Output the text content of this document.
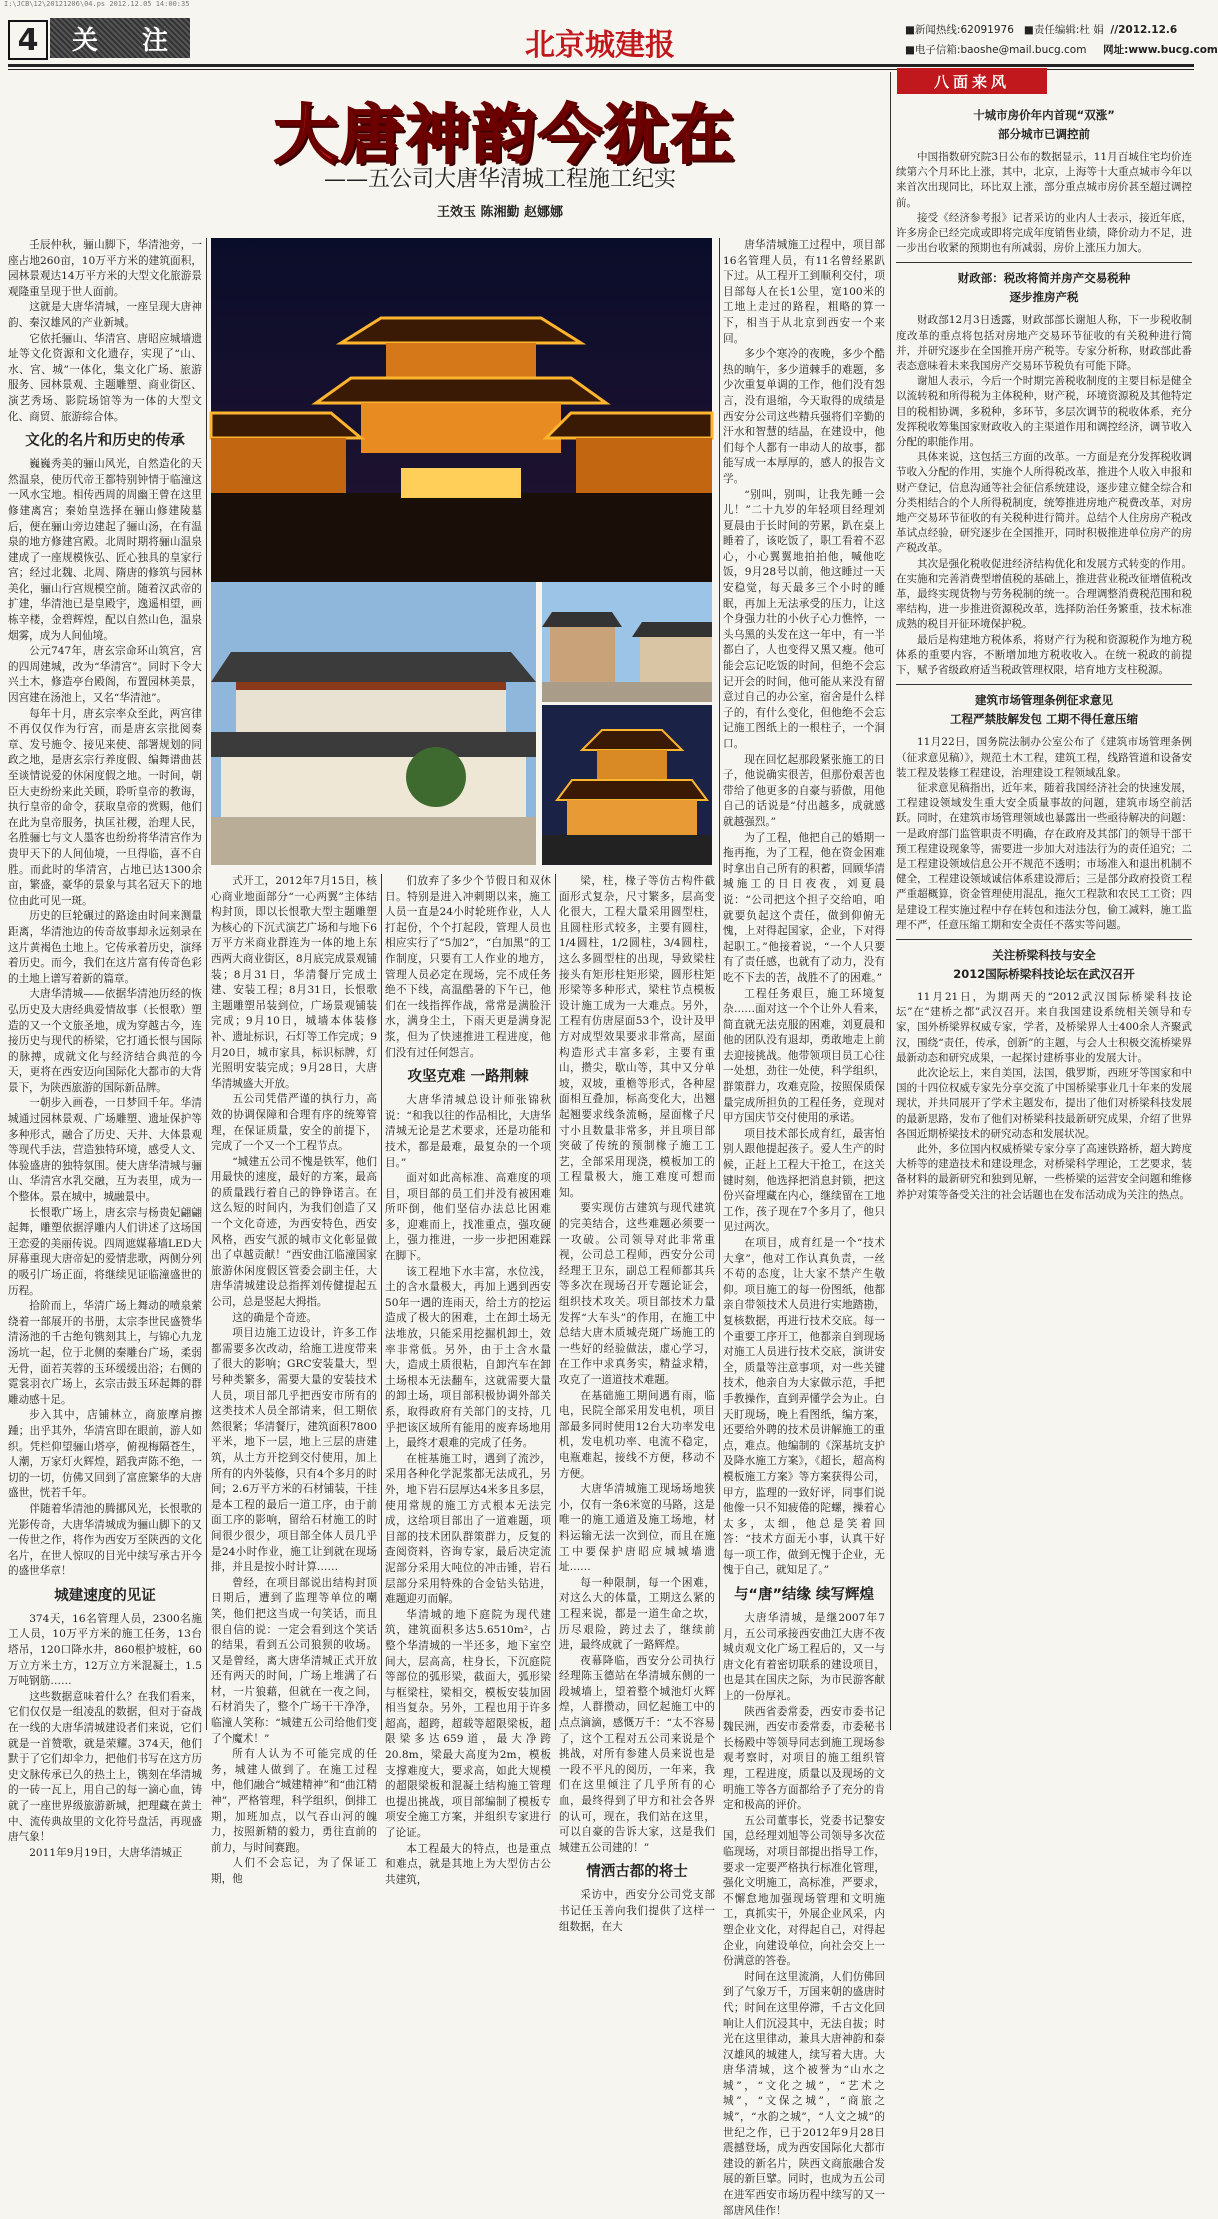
I:\JCB\12\20121206\04.ps 2012.12.05 14:00:35
4	关 注	北京城建报	■新闻热线:62091976 ■责任编辑:杜 娟 //2012.12.6
■电子信箱:baoshe@mail.bucg.com 网址:www.bucg.com
大唐神韵今犹在
——五公司大唐华清城工程施工纪实
王效玉 陈湘勤 赵娜娜

壬辰仲秋，骊山脚下，华清池旁，一座占地260亩，10万平方米的建筑面积，园林景观达14万平方米的大型文化旅游景观隆重呈现于世人面前。

这就是大唐华清城，一座呈现大唐神韵、秦汉雄风的产业新城。

它依托骊山、华清宫、唐昭应城墙遗址等文化资源和文化遗存，实现了“山、水、宫、城”一体化，集文化广场、旅游服务、园林景观、主题雕塑、商业街区、演艺秀场、影院场馆等为一体的大型文化、商贸、旅游综合体。

文化的名片和历史的传承

巍巍秀美的骊山风光，自然造化的天然温泉，使历代帝王都特别钟情于临潼这一风水宝地。相传西周的周幽王曾在这里修建离宫；秦始皇选择在骊山修建陵墓后，便在骊山旁边建起了骊山汤，在有温泉的地方修建宫殿。北周时期将骊山温泉建成了一座规模恢弘、匠心独具的皇家行宫；经过北魏、北周、隋唐的修筑与园林美化，骊山行宫规模空前。随着汉武帝的扩建，华清池已是皇殿宇，逸遥相望，画栋辛楼，金碧辉煌，配以自然山色，温泉烟雾，成为人间仙境。

公元747年，唐玄宗命环山筑宫，宫的四周建城，改为“华清宫”。同时下令大兴土木，修造亭台殿阁，布置园林美景，因宫建在汤池上，又名“华清池”。

每年十月，唐玄宗率众至此，两宫律不再仅仅作为行宫，而是唐玄宗批阅奏章、发号施令、接见来使、部署规划的同政之地，是唐玄宗行养度假、编舞谱曲甚至谈情说爱的休闲度假之地。一时间，朝臣大吏纷纷来此关顾，聆听皇帝的教诲，执行皇帝的命令，获取皇帝的赏赐，他们在此为皇帝服务，执匡社稷，治理人民，名胜骊七与文人墨客也纷纷将华清宫作为贵甲天下的人间仙境，一旦得临，喜不自胜。而此时的华清宫，占地已达1300余亩，繁盛，豪华的景象与其名冠天下的地位由此可见一斑。

历史的巨轮碾过的路途由时间来测量距离，华清池边的传奇故事却永远刻录在这片黄褐色土地上。它传承着历史，演绎着历史。而今，我们在这片富有传奇色彩的土地上谱写着新的篇章。

大唐华清城——依据华清池历经的恢弘历史及大唐经典爱情故事（长恨歌）塑造的又一个文旅圣地，成为穿越古今，连接历史与现代的桥梁，它打通长恨与国际的脉搏，成就文化与经济结合典范的今天，更将在西安迈向国际化大都市的大背景下，为陕西旅游的国际新品牌。

一朝步入画卷，一日梦回千年。华清城通过园林景观、广场雕塑、遗址保护等多种形式，融合了历史、天井、大体景观等现代手法，营造独特环境，感受人文、体验盛唐的独特氛围。使大唐华清城与骊山、华清宫水乳交融，互为表里，成为一个整体。景在城中，城融景中。

长恨歌广场上，唐玄宗与杨贵妃翩翩起舞，雕塑依据浮雕内人们讲述了这场国王恋爱的美丽传说。四周遮媒幕墙LED大屏幕重现大唐帝妃的爱情悲歌，两侧分列的吸引广场正面，将继续见证临潼盛世的历程。

拾阶而上，华清广场上舞动的喷泉萦绕着一部展开的书册，太宗李世民盛赞华清汤池的千古绝句镌刻其上，与锦心九龙汤坑一起，位于北侧的秦雕台广场，柔弱无骨，面若芙蓉的玉环缓缓出浴；右侧的霓裳羽衣广场上，玄宗击鼓玉环起舞的群雕动感十足。

步入其中，店铺林立，商旅摩肩擦踵；出乎其外，华清宫即在眼前，游人如织。凭栏仰望骊山塔亭，俯视梅隔苍生，人潮，万家灯火辉煌，蹈我声陈不绝，一切的一切，仿佛又回到了富庶繁华的大唐盛世，恍若千年。

伴随着华清池的腾挪风光，长恨歌的光影传奇，大唐华清城成为骊山脚下的又一传世之作，将作为西安万至陕西的文化名片，在世人惊叹的目光中续写承古开今的盛世华章！

城建速度的见证

374天，16名管理人员，2300名施工人员，10万平方米的施工任务，13台塔吊，120口降水井，860根护坡桩，60万立方米土方，12万立方米混凝土，1.5万吨钢筋……

这些数据意味着什么？在我们看来，它们仅仅是一组凌乱的数据，但对于奋战在一线的大唐华清城建设者们来说，它们就是一首赞歌，就是荣耀。374天，他们默于了它们却伞力，把他们书写在这方历史文脉传承已久的热土上，镌刻在华清城的一砖一瓦上，用自己的每一滴心血，铸就了一座世界级旅游新城，把理藏在黄土中、流传典故里的文化符号盘活，再现盛唐气象！

2011年9月19日，大唐华清城正

式开工，2012年7月15日，核心商业地面部分“一心两翼”主体结构封顶，即以长恨歌大型主题雕塑为核心的下沉式演艺广场和与地下6万平方米商业群连为一体的地上东西两大商业街区，8月底完成景观铺装；8月31日，华清餐厅完成土建、安装工程；8月31日，长恨歌主题雕塑吊装到位，广场景观铺装完成；9月10日，城墙本体装修补、遗址标识，石灯等工作完成；9月20日，城市家具，标识标牌，灯光照明安装完成；9月28日，大唐华清城盛大开放。

五公司凭借严谨的执行力，高效的协调保障和合理有序的统筹管理，在保证质量，安全的前提下，完成了一个又一个工程节点。

“城建五公司不愧是铁军，他们用最快的速度，最好的方案，最高的质量践行着自己的铮铮诺言。在这么短的时间内，为我们创造了又一个文化奇迹，为西安特色，西安风格，西安气派的城市文化彰显做出了卓越贡献！”西安曲江临潼国家旅游休闲度假区管委会副主任，大唐华清城建设总指挥刘传健提起五公司，总是竖起大拇指。

这的确是个奇迹。

项目边施工边设计，许多工作都需要多次改动，给施工进度带来了很大的影响；GRC安装量大，型号种类繁多，需要大量的安装技术人员，项目部几乎把西安市所有的这类技术人员全部请来，但工期依然很紧；华清餐厅，建筑面积7800平米，地下一层，地上三层的唐建筑，从土方开挖到交付使用，加上所有的内外装修，只有4个多月的时间；2.6万平方米的石材铺装，干挂是本工程的最后一道工序，由于前面工序的影响，留给石材施工的时间很少很少，项目部全体人员几乎是24小时作业，施工让到就在现场排，并且是按小时计算……

曾经，在项目部说出结构封顶日期后，遭到了监理等单位的嘲笑，他们把这当成一句笑话，而且很自信的说：一定会看到这个笑话的结果，看到五公司狼狈的收场。又是曾经，离大唐华清城正式开放还有两天的时间，广场上堆满了石材，一片狼藉，但就在一夜之间，石材消失了，整个广场干干净净，临潼人笑称：“城建五公司给他们变了个魔术！”

所有人认为不可能完成的任务，城建人做到了。在施工过程中，他们融合“城建精神”和“曲江精神”，严格管理，科学组织，倒排工期，加班加点，以气吞山河的魄力，按照新精的毅力，勇往直前的前力，与时间赛跑。

人们不会忘记，为了保证工期，他

们放弃了多少个节假日和双休日。特别是进入冲刺期以来，施工人员一直是24小时轮班作业，人人打起份，个个打起段，管理人员也相应实行了“5加2”，“白加黑”的工作制度，只要有工人作业的地方，管理人员必定在现场，完不成任务绝不下线，高温酷暑的下午已，他们在一线指挥作战，常常是满脸汗水，满身尘土，下雨天更是满身泥浆，但为了快速推进工程进度，他们没有过任何怨言。

攻坚克难 一路荆棘

大唐华清城总设计师张锦秋说：“和我以往的作品相比，大唐华清城无论是艺术要求，还是功能和技术，都是最难，最复杂的一个项目。”

面对如此高标准、高难度的项目，项目部的员工们并没有被困难所吓倒，他们坚信办法总比困难多，迎难而上，找准重点，强攻硬上，强力推进，一步一步把困难踩在脚下。

该工程地下水丰富，水位浅，土的含水量极大，再加上遇到西安50年一遇的连雨天，给土方的挖运造成了极大的困难，土在卸土场无法堆放，只能采用挖掘机卸土，效率非常低。另外，由于土含水量大，造成土质很粘，自卸汽车在卸土场根本无法翻车，这就需要大量的卸土场，项目部积极协调外部关系，取得政府有关部门的支持，几乎把该区域所有能用的废弃场地用上，最终才艰难的完成了任务。

在桩基施工时，遇到了流沙，采用各种化学泥浆都无法成孔，另外，地下岩石层厚达4米多且多层，使用常规的施工方式根本无法完成，这给项目部出了一道难题，项目部的技术团队群策群力，反复的查阅资料，咨询专家，最后决定流泥部分采用大吨位的冲击锤，岩石层部分采用特殊的合金钻头钻进，难题迎刃而解。

华清城的地下庭院为现代建筑，建筑面积多达5.6510m²，占整个华清城的一半还多，地下室空间大，层高高，柱身长，下沉庭院等部位的弧形梁，截面大，弧形梁与框梁柱，梁相交，模板安装加固相当复杂。另外，工程也用于许多超高，超跨，超载等超限梁板，超限梁多达659道，最大净跨20.8m，梁最大高度为2m，模板支撑难度大，要求高，如此大规模的超限梁板和混凝土结构施工管理也提出挑战，项目部编制了模板专项安全施工方案，并组织专家进行了论证。

本工程最大的特点，也是重点和难点，就是其地上为大型仿古公共建筑，

梁，柱，椽子等仿古构件截面形式复杂，尺寸繁多，层高变化很大，工程大量采用圆型柱，且圆柱形式较多，主要有圆柱，1/4圆柱，1/2圆柱，3/4圆柱，这么多圆型柱的出现，导致梁柱接头有矩形柱矩形梁，圆形柱矩形梁等多种形式，梁柱节点模板设计施工成为一大难点。另外，工程有仿唐屋面53个，设计及甲方对成型效果要求非常高，屋面构造形式丰富多彩，主要有重山，攒尖，歇山等，其中又分单坡，双坡，重檐等形式，各种屋面相互叠加，标高变化大，出翘起翘要求线条流畅，屋面椽子尺寸小且数量非常多，并且项目部突破了传统的预制椽子施工工艺，全部采用现浇，模板加工的工程量极大，施工难度可想而知。

要实现仿古建筑与现代建筑的完美结合，这些难题必须要一一攻破。公司领导对此非常重视，公司总工程师，西安分公司经理王卫东，副总工程师都其兵等多次在现场召开专题论证会，组织技术攻关。项目部技术力量发挥“大车头”的作用，在施工中总结大唐木质城壳斑广场施工的一些好的经验做法，虚心学习，在工作中求真务实，精益求精，攻克了一道道技术难题。

在基础施工期间遇有雨，临电，民院全部采用发电机，项目部最多同时使用12台大功率发电机，发电机功率、电流不稳定，电瓶难起，接线不方便，移动不方便。

大唐华清城施工现场场地狭小，仅有一条6米宽的马路，这是唯一的施工通道及施工场地，材料运输无法一次到位，而且在施工中要保护唐昭应城城墙遗址……

每一种限制，每一个困难，对这么大的体量，工期这么紧的工程来说，都是一道生命之坎，历尽艰险，跨过去了，继续前进，最终成就了一路辉煌。

夜幕降临，西安分公司执行经理陈玉德站在华清城东侧的一段城墙上，望着整个城池灯火辉煌，人群攒动，回忆起施工中的点点滴滴，感慨万千：“太不容易了，这个工程对五公司来说是个挑战，对所有参建人员来说也是一段不平凡的阅历，一年来，我们在这里倾注了几乎所有的心血，最终得到了甲方和社会各界的认可，现在，我们站在这里，可以自豪的告诉大家，这是我们城建五公司建的！”

情洒古都的将士

采访中，西安分公司党支部书记任玉善向我们提供了这样一组数据，在大

唐华清城施工过程中，项目部16名管理人员，有11名曾经累趴下过。从工程开工到顺利交付，项目部每人在长1公里，宽100米的工地上走过的路程，粗略的算一下，相当于从北京到西安一个来回。

多少个寒冷的夜晚，多少个酷热的晌午，多少道棘手的难题，多少次重复单调的工作，他们没有怨言，没有退缩，今天取得的成绩是西安分公司这些精兵强将们辛勤的汗水和智慧的结晶，在建设中，他们每个人都有一串动人的故事，都能写成一本厚厚的，感人的报告文学。

“别叫，别叫，让我先睡一会儿！”二十九岁的年轻项目经理刘夏晨由于长时间的劳累，趴在桌上睡着了，该吃饭了，职工看着不忍心，小心翼翼地拍拍他，喊他吃饭，9月28号以前，他这睡过一天安稳觉，每天最多三个小时的睡眠，再加上无法承受的压力，让这个身强力壮的小伙子心力憔悴，一头乌黑的头发在这一年中，有一半都白了，人也变得又黑又瘦。他可能会忘记吃饭的时间，但绝不会忘记开会的时间，他可能从来没有留意过自己的办公室，宿舍是什么样子的，有什么变化，但他绝不会忘记施工图纸上的一根柱子，一个洞口。

现在回忆起那段紧张施工的日子，他说确实很苦，但那份艰苦也带给了他更多的自豪与骄傲，用他自己的话说是“付出越多，成就感就越强烈。”

为了工程，他把自己的婚期一拖再拖，为了工程，他在资金困难时拿出自己所有的积蓄，回顾华清城施工的日日夜夜，刘夏晨说：“公司把这个担子交给咱，咱就要负起这个责任，做到仰俯无愧，上对得起国家，企业，下对得起职工。”他接着说，“一个人只要有了责任感，也就有了动力，没有吃不下去的苦，战胜不了的困难。”

工程任务艰巨，施工环境复杂……面对这一个个让外人看来，简直就无法克服的困难，刘夏晨和他的团队没有退却，勇敢地走上前去迎接挑战。他带领项目员工心往一处想，劲往一处使，科学组织，群策群力，攻难克险，按照保质保量完成所担负的工程任务，竞现对甲方国庆节交付使用的承诺。

项目技术部长成育红，最害怕别人跟他提起孩子。爱人生产的时候，正赶上工程大干抢工，在这关键时刻，他选择把消息封锁，把这份兴奋埋藏在内心，继续留在工地工作，孩子现在7个多月了，他只见过两次。

在项目，成育红是一个“技术大拿”，他对工作认真负责，一丝不苟的态度，让大家不禁产生敬仰。项目施工的每一份图纸，他都亲自带领技术人员进行实地踏勘，复核数据，再进行技术交底。每一个重要工序开工，他都亲自到现场对施工人员进行技术交底，演讲安全，质量等注意事项，对一些关键技术，他亲自为大家做示范，手把手教操作，直到弄懂学会为止。白天盯现场，晚上看图纸，编方案，还要给外聘的技术员讲解施工的重点，难点。他编制的《深基坑支护及降水施工方案》，《超长，超高构模板施工方案》等方案获得公司，甲方，监理的一致好评，同事们说他像一只不知疲倦的陀螺，操着心太多，太细，他总是笑着回答：“技术方面无小事，认真干好每一项工作，做到无愧于企业，无愧于自己，就知足了。”

与“唐”结缘 续写辉煌

大唐华清城，是继2007年7月，五公司承接西安曲江大唐不夜城贞观文化广场工程后的，又一与唐文化有着密切联系的建设项目，也是其在国庆之际，为市民游客献上的一份厚礼。

陕西省委常委，西安市委书记魏民洲，西安市委常委，市委秘书长杨殿中等领导同志到施工现场参观考察时，对项目的施工组织管理，工程进度，质量以及现场的文明施工等各方面都给予了充分的肯定和极高的评价。

五公司董事长，党委书记黎安国，总经理刘旭等公司领导多次莅临现场，对项目部提出指导工作，要求一定要严格执行标准化管理，强化文明施工，高标准，严要求，不懈怠地加强现场管理和文明施工，真抓实干，外展企业风采，内塑企业文化，对得起自己，对得起企业，向建设单位，向社会交上一份满意的答卷。

时间在这里流淌，人们仿佛回到了气象万千，万国来朝的盛唐时代；时间在这里停滞，千古文化回响让人们沉浸其中，无法自拔；时光在这里律动，兼具大唐神韵和泰汉雄风的城建人，续写着大唐。大唐华清城，这个被誉为“山水之城”，“文化之城”，“艺术之城”，“文保之城”，“商旅之城”，“水韵之城”，“人文之城”的世纪之作，已于2012年9月28日震撼登场，成为西安国际化大都市建设的新名片，陕西文商旅融合发展的新巨擘。同时，也成为五公司在进军西安市场历程中续写的又一部唐风佳作！

八面来风
十城市房价年内首现“双涨”
部分城市已调控前

中国指数研究院3日公布的数据显示，11月百城住宅均价连续第六个月环比上涨，其中，北京，上海等十大重点城市今年以来首次出现同比，环比双上涨，部分重点城市房价甚至超过调控前。

接受《经济参考报》记者采访的业内人士表示，接近年底，许多房企已经完成或即将完成年度销售业绩，降价动力不足，进一步出台收紧的预期也有所减弱，房价上涨压力加大。

财政部：税改将简并房产交易税种
逐步推房产税

财政部12月3日透露，财政部部长谢旭人称，下一步税收制度改革的重点将包括对房地产交易环节征收的有关税种进行简并，并研究逐步在全国推开房产税等。专家分析称，财政部此番表态意味着未来我国房产交易环节税负有可能下降。

谢旭人表示，今后一个时期完善税收制度的主要目标是健全以流转税和所得税为主体税种，财产税，环境资源税及其他特定目的税相协调，多税种，多环节，多层次调节的税收体系，充分发挥税收筹集国家财政收入的主渠道作用和调控经济，调节收入分配的职能作用。

具体来说，这包括三方面的改革。一方面是充分发挥税收调节收入分配的作用，实施个人所得税改革，推进个人收入申报和财产登记，信息沟通等社会征信系统建设，逐步建立健全综合和分类相结合的个人所得税制度，统筹推进房地产税费改革，对房地产交易环节征收的有关税种进行简并。总结个人住房房产税改革试点经验，研究逐步在全国推开，同时积极推进单位房产的房产税改革。

其次是强化税收促进经济结构优化和发展方式转变的作用。在实施和完善消费型增值税的基础上，推进营业税改征增值税改革，最终实现货物与劳务税制的统一。合理调整消费税范围和税率结构，进一步推进资源税改革，选择防治任务繁重，技术标准成熟的税目开征环境保护税。

最后是构建地方税体系，将财产行为税和资源税作为地方税体系的重要内容，不断增加地方税收收入。在统一税政的前提下，赋予省级政府适当税政管理权限，培育地方支柱税源。

建筑市场管理条例征求意见
工程严禁肢解发包 工期不得任意压缩

11月22日，国务院法制办公室公布了《建筑市场管理条例（征求意见稿）》，规范土木工程，建筑工程，线路管道和设备安装工程及装修工程建设，治理建设工程领域乱象。

征求意见稿指出，近年来，随着我国经济社会的快速发展，工程建设领域发生重大安全质量事故的问题，建筑市场空前活跃。同时，在建筑市场管理领域也暴露出一些亟待解决的问题：一是政府部门监管职责不明确，存在政府及其部门的领导干部干预工程建设现象等，需要进一步加大对违法行为的责任追究；二是工程建设领域信息公开不规范不透明；市场准入和退出机制不健全，工程建设领域诚信体系建设滞后；三是部分政府投资工程严重超概算，资金管理使用混乱，拖欠工程款和农民工工资；四是建设工程实施过程中存在转包和违法分包，偷工减料，施工监理不严，任意压缩工期和安全责任不落实等问题。

关注桥梁科技与安全
2012国际桥梁科技论坛在武汉召开

11月21日，为期两天的“2012武汉国际桥梁科技论坛”在“建桥之都”武汉召开。来自我国建设系统相关领导和专家，国外桥梁界权威专家，学者，及桥梁界人士400余人齐聚武汉，围绕“责任，传承，创新”的主题，与会人士积极交流桥梁界最新动态和研究成果，一起探讨建桥事业的发展大计。

此次论坛上，来自美国，法国，俄罗斯，西班牙等国家和中国的十四位权威专家先分享交流了中国桥梁事业几十年来的发展现状，并共同展开了学术主题发布，提出了他们对桥梁科技发展的最新思路，发布了他们对桥梁科技最新研究成果，介绍了世界各国近期桥梁技术的研究动态和发展状况。

此外，多位国内权威桥梁专家分享了高速铁路桥，超大跨度大桥等的建造技术和建设理念，对桥梁科学理论，工艺要求，装备材料的最新研究和独到见解，一些桥梁的运营安全问题和维修养护对策等备受关注的社会话题也在发布活动成为关注的热点。
